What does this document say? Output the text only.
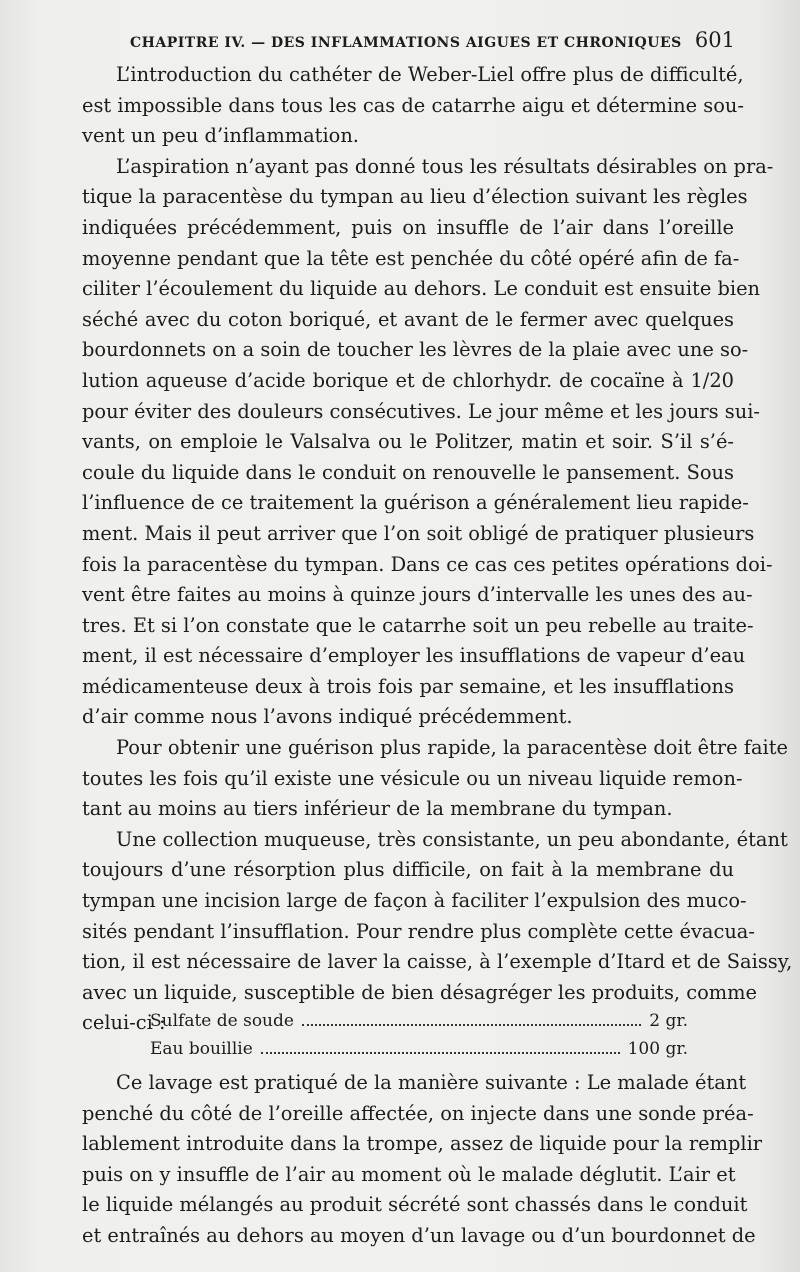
CHAPITRE IV. — DES INFLAMMATIONS AIGUES ET CHRONIQUES 601

L’introduction du cathéter de Weber-Liel offre plus de difficulté,
est impossible dans tous les cas de catarrhe aigu et détermine sou-
vent un peu d’inflammation.

L’aspiration n’ayant pas donné tous les résultats désirables on pra-
tique la paracentèse du tympan au lieu d’élection suivant les règles
indiquées précédemment, puis on insuffle de l’air dans l’oreille
moyenne pendant que la tête est penchée du côté opéré afin de fa-
ciliter l’écoulement du liquide au dehors. Le conduit est ensuite bien
séché avec du coton boriqué, et avant de le fermer avec quelques
bourdonnets on a soin de toucher les lèvres de la plaie avec une so-
lution aqueuse d’acide borique et de chlorhydr. de cocaïne à 1/20
pour éviter des douleurs consécutives. Le jour même et les jours sui-
vants, on emploie le Valsalva ou le Politzer, matin et soir. S’il s’é-
coule du liquide dans le conduit on renouvelle le pansement. Sous
l’influence de ce traitement la guérison a généralement lieu rapide-
ment. Mais il peut arriver que l’on soit obligé de pratiquer plusieurs
fois la paracentèse du tympan. Dans ce cas ces petites opérations doi-
vent être faites au moins à quinze jours d’intervalle les unes des au-
tres. Et si l’on constate que le catarrhe soit un peu rebelle au traite-
ment, il est nécessaire d’employer les insufflations de vapeur d’eau
médicamenteuse deux à trois fois par semaine, et les insufflations
d’air comme nous l’avons indiqué précédemment.

Pour obtenir une guérison plus rapide, la paracentèse doit être faite
toutes les fois qu’il existe une vésicule ou un niveau liquide remon-
tant au moins au tiers inférieur de la membrane du tympan.

Une collection muqueuse, très consistante, un peu abondante, étant
toujours d’une résorption plus difficile, on fait à la membrane du
tympan une incision large de façon à faciliter l’expulsion des muco-
sités pendant l’insufflation. Pour rendre plus complète cette évacua-
tion, il est nécessaire de laver la caisse, à l’exemple d’Itard et de Saissy,
avec un liquide, susceptible de bien désagréger les produits, comme
celui-ci :

Sulfate de soude	2 gr.
Eau bouillie	100 gr.

Ce lavage est pratiqué de la manière suivante : Le malade étant
penché du côté de l’oreille affectée, on injecte dans une sonde préa-
lablement introduite dans la trompe, assez de liquide pour la remplir
puis on y insuffle de l’air au moment où le malade déglutit. L’air et
le liquide mélangés au produit sécrété sont chassés dans le conduit
et entraînés au dehors au moyen d’un lavage ou d’un bourdonnet de
